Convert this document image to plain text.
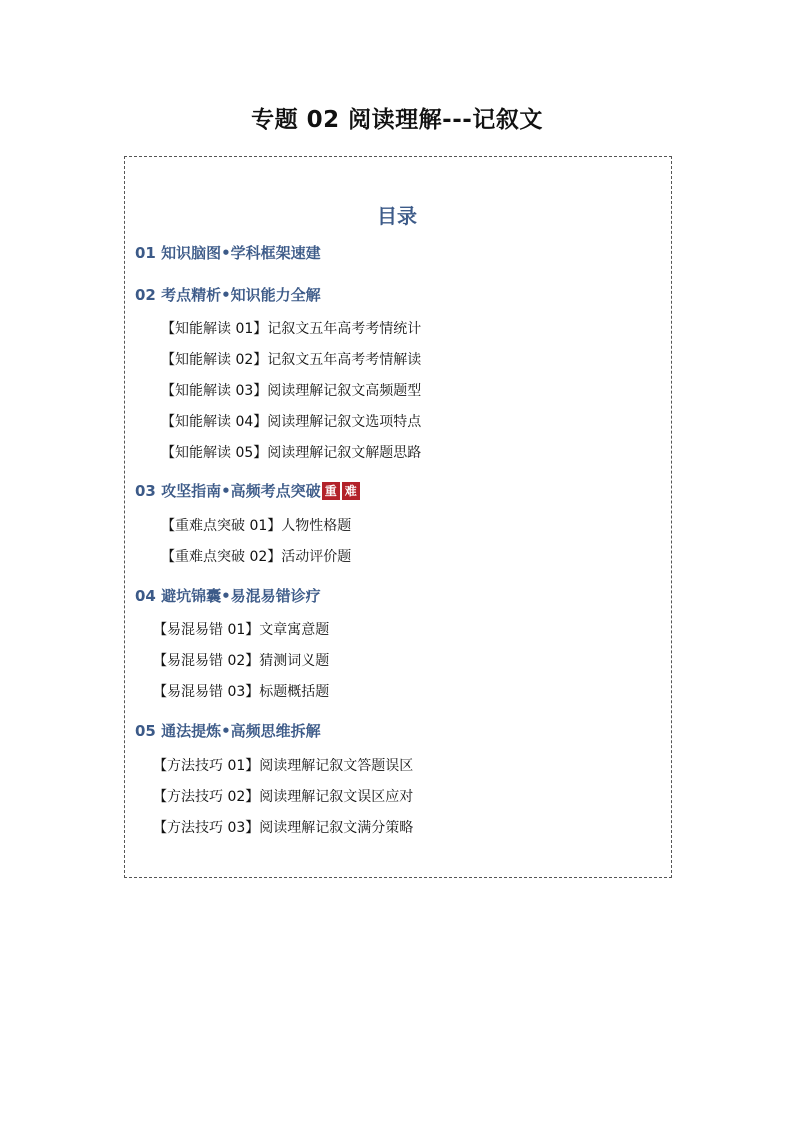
专题 02 阅读理解---记叙文
目录
01 知识脑图•学科框架速建
02 考点精析•知识能力全解
【知能解读 01】记叙文五年高考考情统计
【知能解读 02】记叙文五年高考考情解读
【知能解读 03】阅读理解记叙文高频题型
【知能解读 04】阅读理解记叙文选项特点
【知能解读 05】阅读理解记叙文解题思路
03 攻坚指南•高频考点突破 重 难
【重难点突破 01】人物性格题
【重难点突破 02】活动评价题
04 避坑锦囊•易混易错诊疗
【易混易错 01】文章寓意题
【易混易错 02】猜测词义题
【易混易错 03】标题概括题
05 通法提炼•高频思维拆解
【方法技巧 01】阅读理解记叙文答题误区
【方法技巧 02】阅读理解记叙文误区应对
【方法技巧 03】阅读理解记叙文满分策略
